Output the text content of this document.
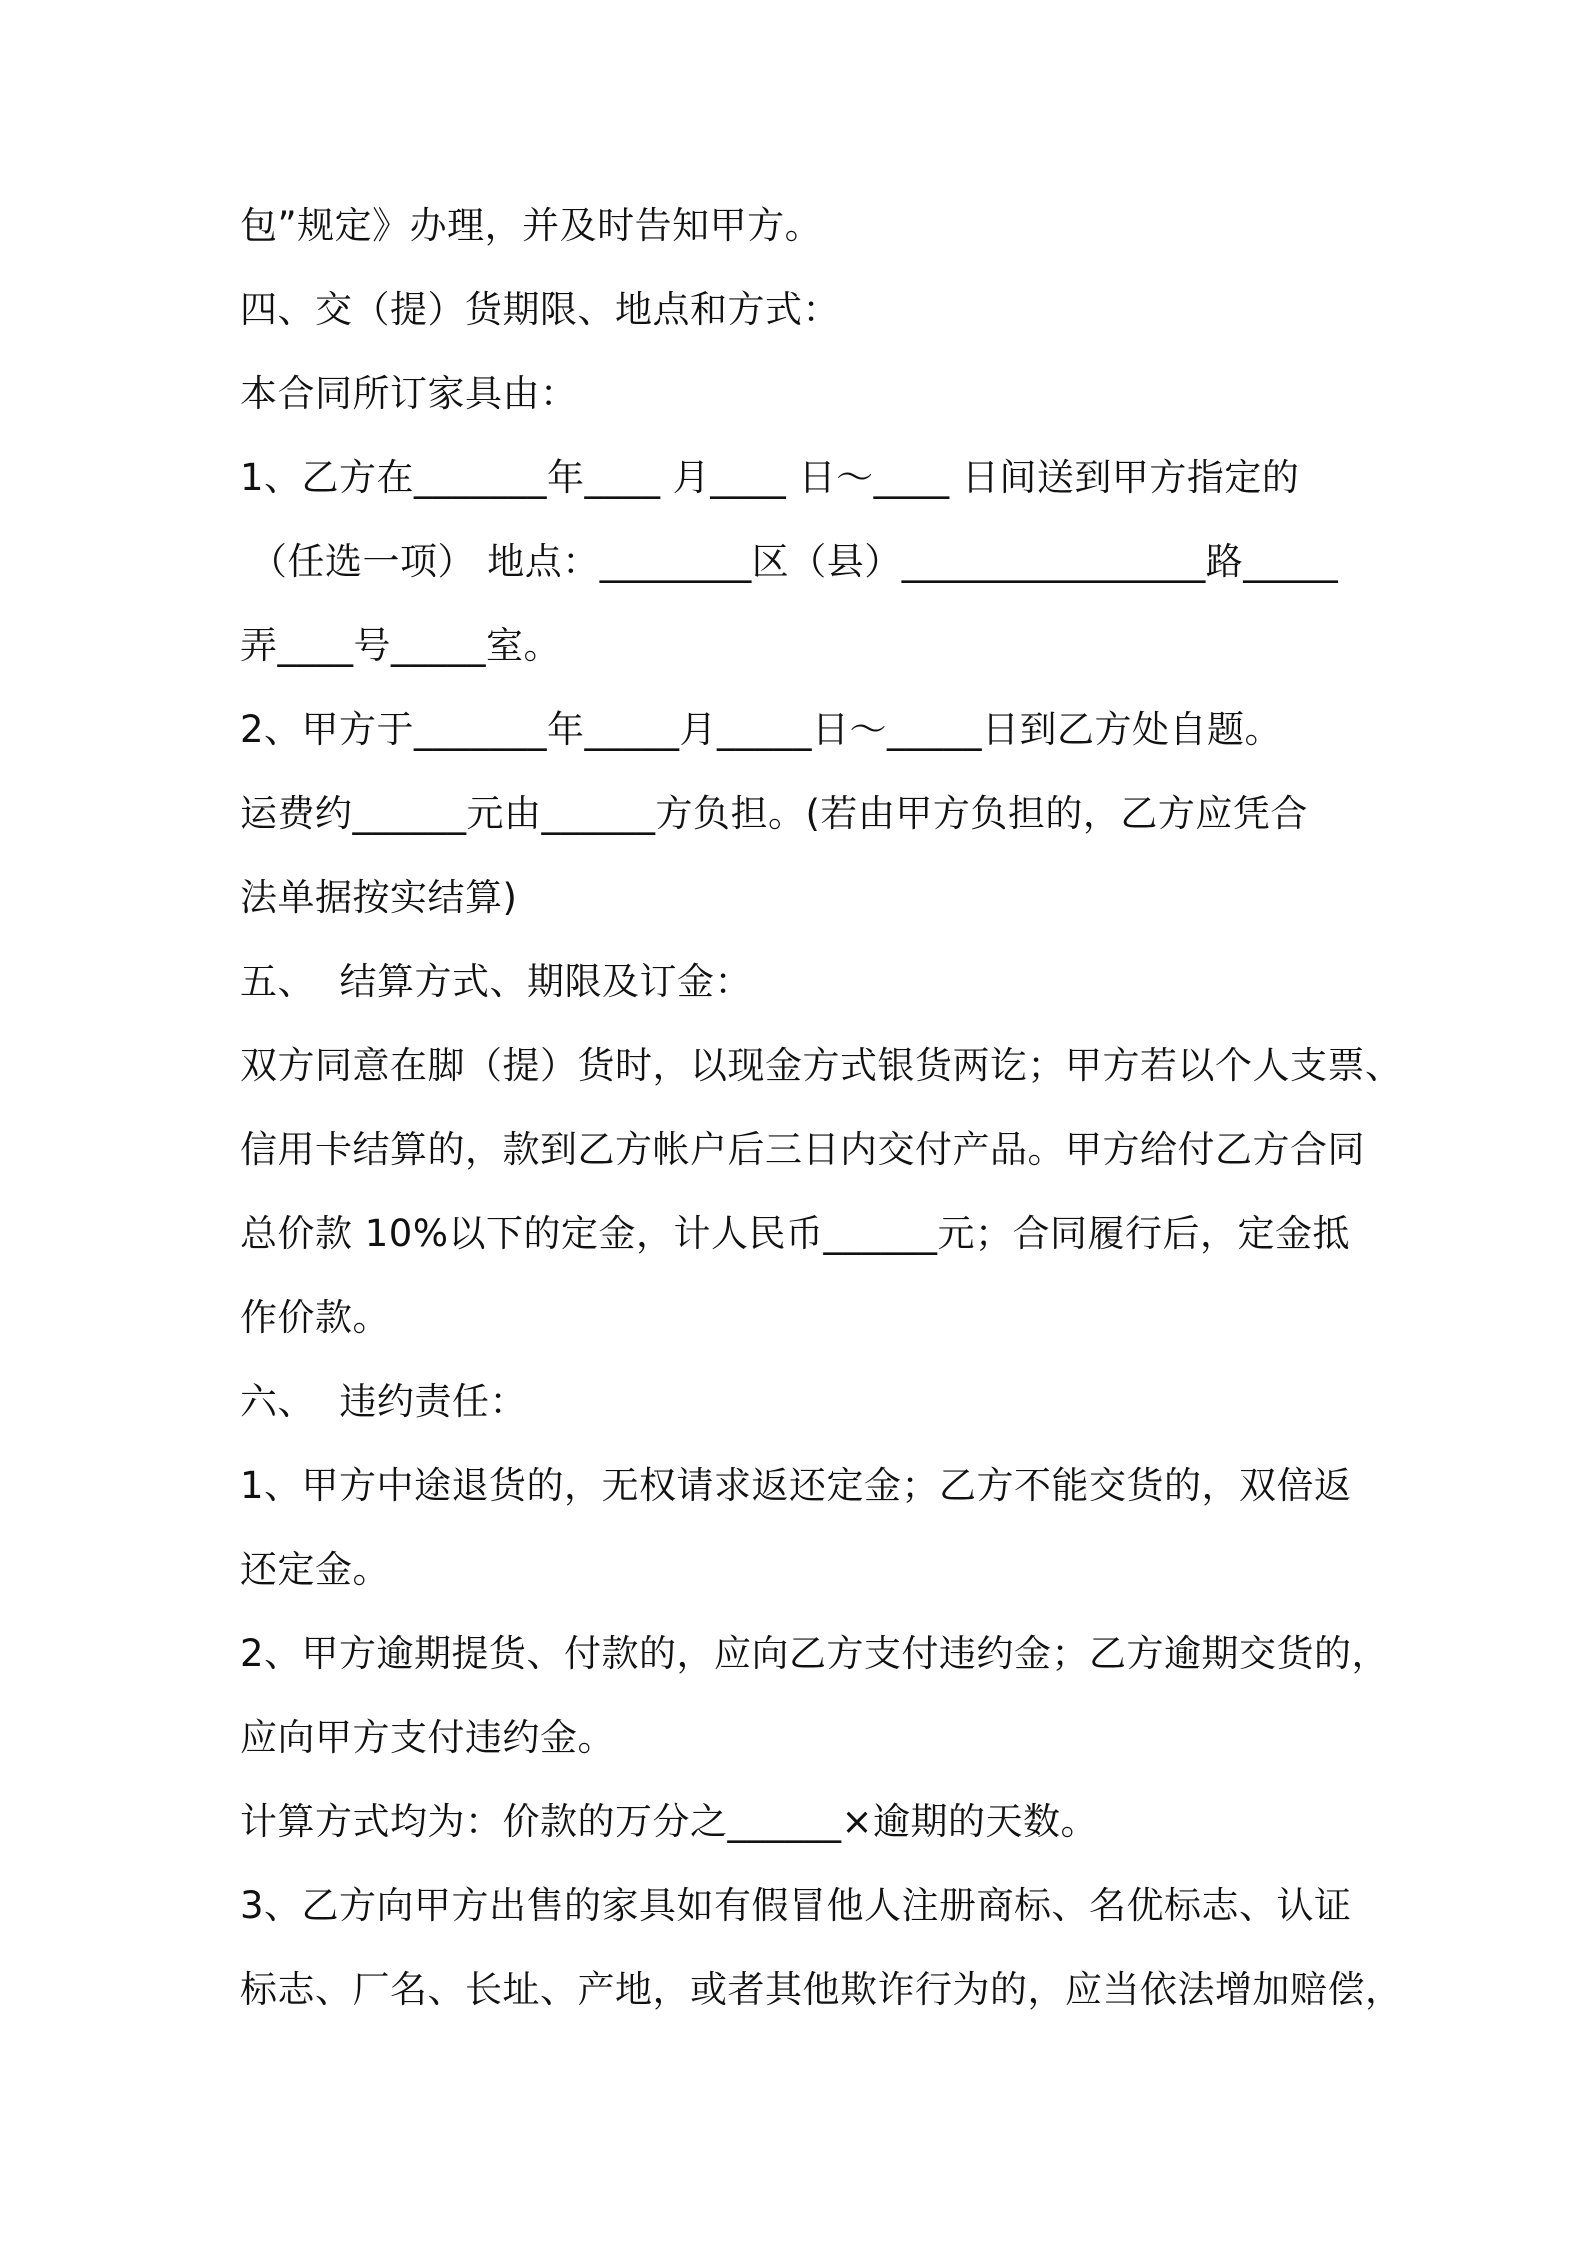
包”规定》办理，并及时告知甲方。
四、交（提）货期限、地点和方式：
本合同所订家具由：
1、乙方在_______年____ 月____ 日～____ 日间送到甲方指定的
（任选一项） 地点：________区（县）________________路_____
弄____号_____室。
2、甲方于_______年_____月_____日～_____日到乙方处自题。
运费约______元由______方负担。(若由甲方负担的，乙方应凭合
法单据按实结算)
五、  结算方式、期限及订金：
双方同意在脚（提）货时，以现金方式银货两讫；甲方若以个人支票、
信用卡结算的，款到乙方帐户后三日内交付产品。甲方给付乙方合同
总价款 10%以下的定金，计人民币______元；合同履行后，定金抵
作价款。
六、  违约责任：
1、甲方中途退货的，无权请求返还定金；乙方不能交货的，双倍返
还定金。
2、甲方逾期提货、付款的，应向乙方支付违约金；乙方逾期交货的，
应向甲方支付违约金。
计算方式均为：价款的万分之______×逾期的天数。
3、乙方向甲方出售的家具如有假冒他人注册商标、名优标志、认证
标志、厂名、长址、产地，或者其他欺诈行为的，应当依法增加赔偿，
